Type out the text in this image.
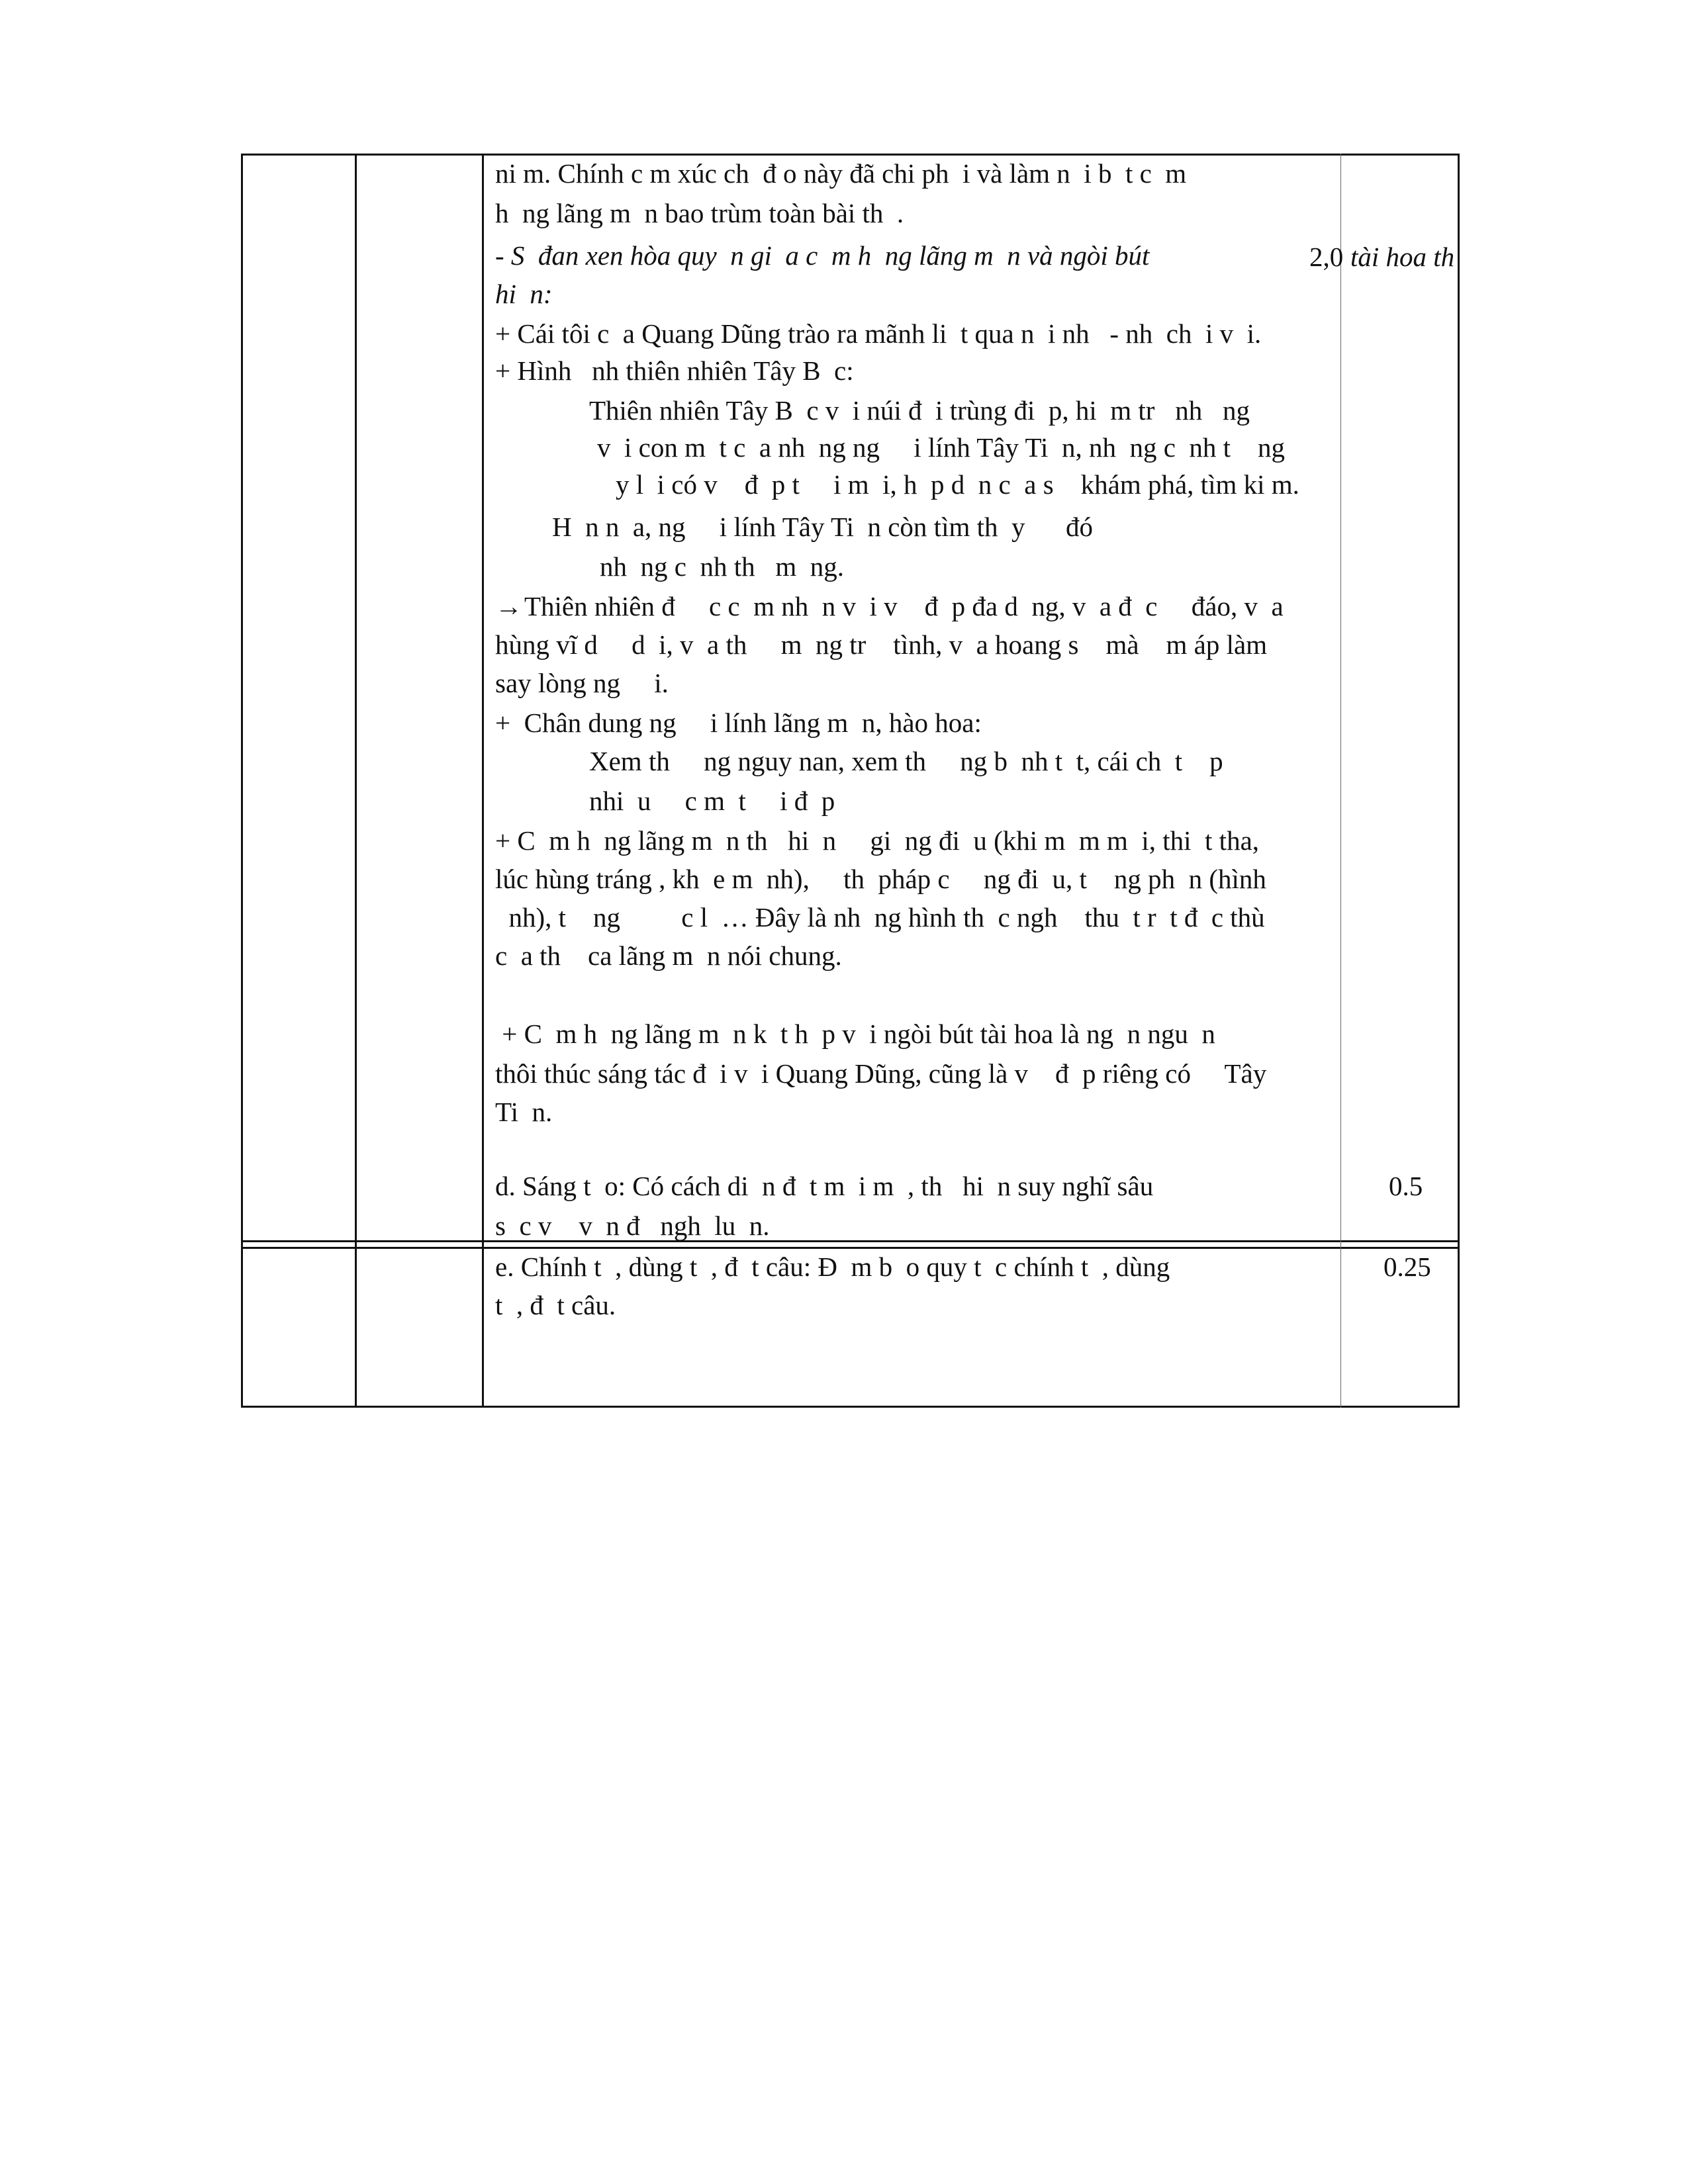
ni m. Chính c m xúc ch  đ o này đã chi ph  i và làm n  i b  t c  m
h  ng lãng m  n bao trùm toàn bài th  .
- S  đan xen hòa quy  n gi  a c  m h  ng lãng m  n và ngòi bút	2,0 tài hoa th
hi  n:
+ Cái tôi c  a Quang Dũng trào ra mãnh li  t qua n  i nh   - nh  ch  i v  i.
+ Hình   nh thiên nhiên Tây B  c:
Thiên nhiên Tây B  c v  i núi đ  i trùng đi  p, hi  m tr   nh   ng
v  i con m  t c  a nh  ng ng     i lính Tây Ti  n, nh  ng c  nh t    ng
y l  i có v    đ  p t     i m  i, h  p d  n c  a s    khám phá, tìm ki m.
H  n n  a, ng     i lính Tây Ti  n còn tìm th  y      đó
nh  ng c  nh th   m  ng.
→ Thiên nhiên đ     c c  m nh  n v  i v    đ  p đa d  ng, v  a đ  c     đáo, v  a
hùng vĩ d     d  i, v  a th     m  ng tr    tình, v  a hoang s    mà    m áp làm
say lòng ng     i.
+  Chân dung ng     i lính lãng m  n, hào hoa:
Xem th     ng nguy nan, xem th     ng b  nh t  t, cái ch  t    p
nhi  u     c m  t     i đ  p
+ C  m h  ng lãng m  n th   hi  n     gi  ng đi  u (khi m  m m  i, thi  t tha,
lúc hùng tráng , kh  e m  nh),     th  pháp c     ng đi  u, t    ng ph  n (hình
nh), t    ng         c l  … Đây là nh  ng hình th  c ngh    thu  t r  t đ  c thù
c  a th    ca lãng m  n nói chung.
+ C  m h  ng lãng m  n k  t h  p v  i ngòi bút tài hoa là ng  n ngu  n
thôi thúc sáng tác đ  i v  i Quang Dũng, cũng là v    đ  p riêng có     Tây
Ti  n.
d. Sáng t  o: Có cách di  n đ  t m  i m  , th   hi  n suy nghĩ sâu	0.5
s  c v    v  n đ   ngh  lu  n.
e. Chính t  , dùng t  , đ  t câu: Đ  m b  o quy t  c chính t  , dùng	0.25
t  , đ  t câu.
